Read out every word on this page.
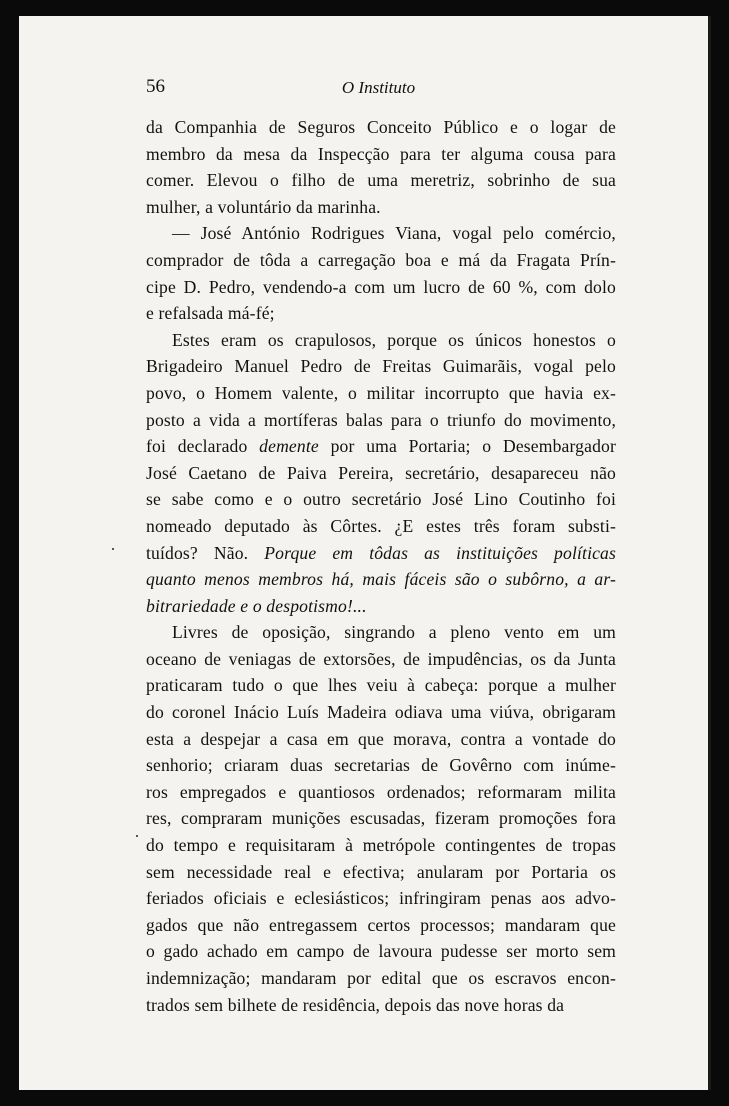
56	O Instituto
da Companhia de Seguros Conceito Público e o logar de
membro da mesa da Inspecção para ter alguma cousa para
comer. Elevou o filho de uma meretriz, sobrinho de sua
mulher, a voluntário da marinha.
— José António Rodrigues Viana, vogal pelo comércio,
comprador de tôda a carregação boa e má da Fragata Prín-
cipe D. Pedro, vendendo-a com um lucro de 60 %, com dolo
e refalsada má-fé;
Estes eram os crapulosos, porque os únicos honestos o
Brigadeiro Manuel Pedro de Freitas Guimarãis, vogal pelo
povo, o Homem valente, o militar incorrupto que havia ex-
posto a vida a mortíferas balas para o triunfo do movimento,
foi declarado demente por uma Portaria; o Desembargador
José Caetano de Paiva Pereira, secretário, desapareceu não
se sabe como e o outro secretário José Lino Coutinho foi
nomeado deputado às Côrtes. ¿E estes três foram substi-
tuídos? Não. Porque em tôdas as instituições políticas
quanto menos membros há, mais fáceis são o subôrno, a ar-
bitrariedade e o despotismo!...
Livres de oposição, singrando a pleno vento em um
oceano de veniagas de extorsões, de impudências, os da Junta
praticaram tudo o que lhes veiu à cabeça: porque a mulher
do coronel Inácio Luís Madeira odiava uma viúva, obrigaram
esta a despejar a casa em que morava, contra a vontade do
senhorio; criaram duas secretarias de Govêrno com inúme-
ros empregados e quantiosos ordenados; reformaram milita
res, compraram munições escusadas, fizeram promoções fora
do tempo e requisitaram à metrópole contingentes de tropas
sem necessidade real e efectiva; anularam por Portaria os
feriados oficiais e eclesiásticos; infringiram penas aos advo-
gados que não entregassem certos processos; mandaram que
o gado achado em campo de lavoura pudesse ser morto sem
indemnização; mandaram por edital que os escravos encon-
trados sem bilhete de residência, depois das nove horas da
